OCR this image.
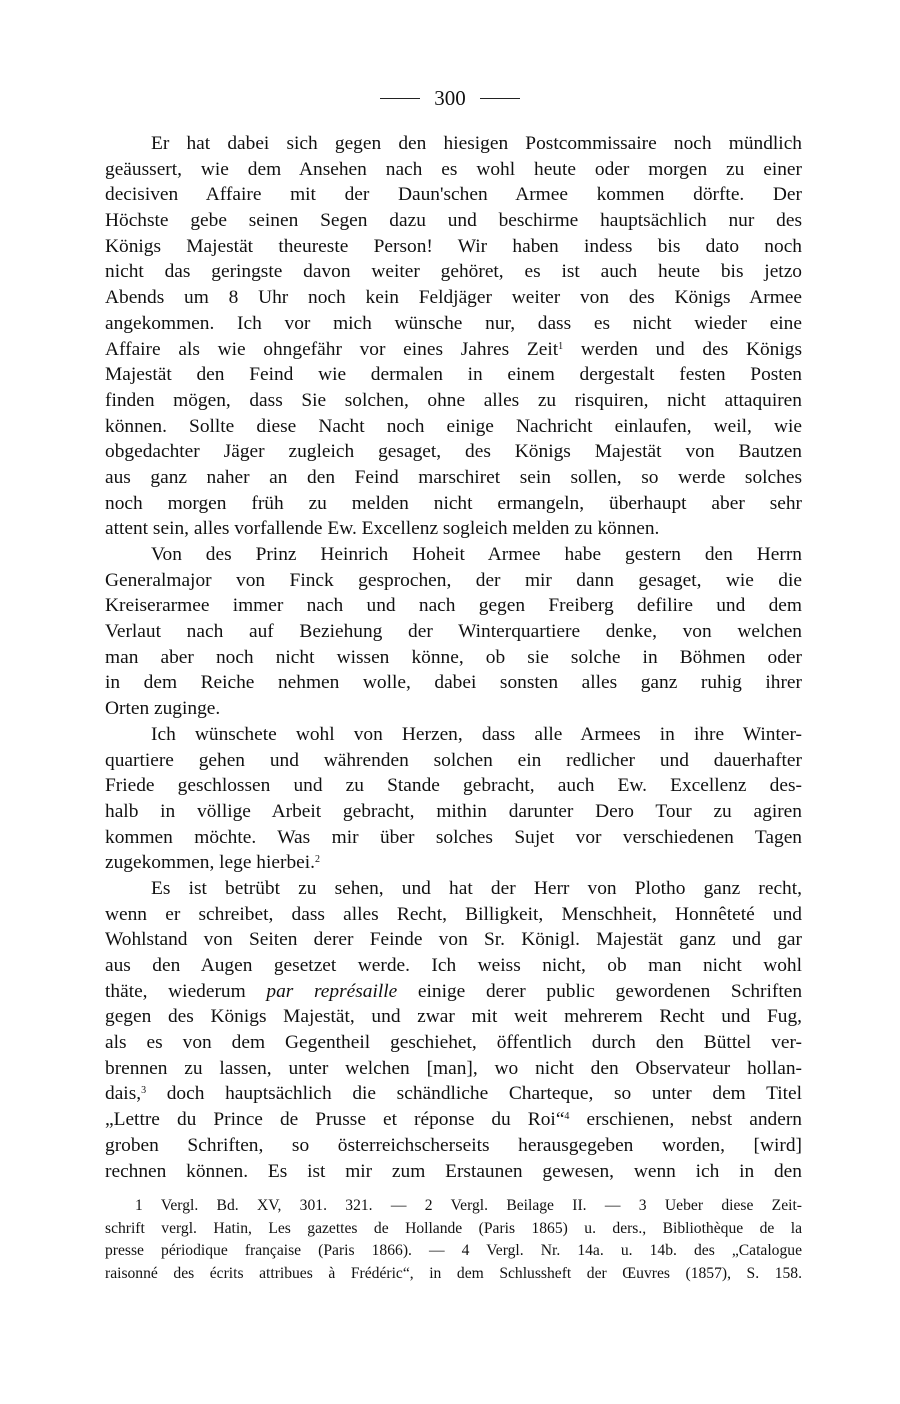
300
Er hat dabei sich gegen den hiesigen Postcommissaire noch mündlich
geäussert, wie dem Ansehen nach es wohl heute oder morgen zu einer
decisiven Affaire mit der Daun'schen Armee kommen dörfte. Der
Höchste gebe seinen Segen dazu und beschirme hauptsächlich nur des
Königs Majestät theureste Person! Wir haben indess bis dato noch
nicht das geringste davon weiter gehöret, es ist auch heute bis jetzo
Abends um 8 Uhr noch kein Feldjäger weiter von des Königs Armee
angekommen. Ich vor mich wünsche nur, dass es nicht wieder eine
Affaire als wie ohngefähr vor eines Jahres Zeit$^1$ werden und des Königs
Majestät den Feind wie dermalen in einem dergestalt festen Posten
finden mögen, dass Sie solchen, ohne alles zu risquiren, nicht attaquiren
können. Sollte diese Nacht noch einige Nachricht einlaufen, weil, wie
obgedachter Jäger zugleich gesaget, des Königs Majestät von Bautzen
aus ganz naher an den Feind marschiret sein sollen, so werde solches
noch morgen früh zu melden nicht ermangeln, überhaupt aber sehr
attent sein, alles vorfallende Ew. Excellenz sogleich melden zu können.
Von des Prinz Heinrich Hoheit Armee habe gestern den Herrn
Generalmajor von Finck gesprochen, der mir dann gesaget, wie die
Kreiserarmee immer nach und nach gegen Freiberg defilire und dem
Verlaut nach auf Beziehung der Winterquartiere denke, von welchen
man aber noch nicht wissen könne, ob sie solche in Böhmen oder
in dem Reiche nehmen wolle, dabei sonsten alles ganz ruhig ihrer
Orten zuginge.
Ich wünschete wohl von Herzen, dass alle Armees in ihre Winter-
quartiere gehen und währenden solchen ein redlicher und dauerhafter
Friede geschlossen und zu Stande gebracht, auch Ew. Excellenz des-
halb in völlige Arbeit gebracht, mithin darunter Dero Tour zu agiren
kommen möchte. Was mir über solches Sujet vor verschiedenen Tagen
zugekommen, lege hierbei.$^2$
Es ist betrübt zu sehen, und hat der Herr von Plotho ganz recht,
wenn er schreibet, dass alles Recht, Billigkeit, Menschheit, Honnêteté und
Wohlstand von Seiten derer Feinde von Sr. Königl. Majestät ganz und gar
aus den Augen gesetzet werde. Ich weiss nicht, ob man nicht wohl
thäte, wiederum par représaille einige derer public gewordenen Schriften
gegen des Königs Majestät, und zwar mit weit mehrerem Recht und Fug,
als es von dem Gegentheil geschiehet, öffentlich durch den Büttel ver-
brennen zu lassen, unter welchen [man], wo nicht den Observateur hollan-
dais,$^3$ doch hauptsächlich die schändliche Charteque, so unter dem Titel
„Lettre du Prince de Prusse et réponse du Roi“$^4$ erschienen, nebst andern
groben Schriften, so österreichscherseits herausgegeben worden, [wird]
rechnen können. Es ist mir zum Erstaunen gewesen, wenn ich in den
1 Vergl. Bd. XV, 301. 321. — 2 Vergl. Beilage II. — 3 Ueber diese Zeit-
schrift vergl. Hatin, Les gazettes de Hollande (Paris 1865) u. ders., Bibliothèque de la
presse périodique française (Paris 1866). — 4 Vergl. Nr. 14a. u. 14b. des „Catalogue
raisonné des écrits attribues à Frédéric“, in dem Schlussheft der Œuvres (1857), S. 158.
